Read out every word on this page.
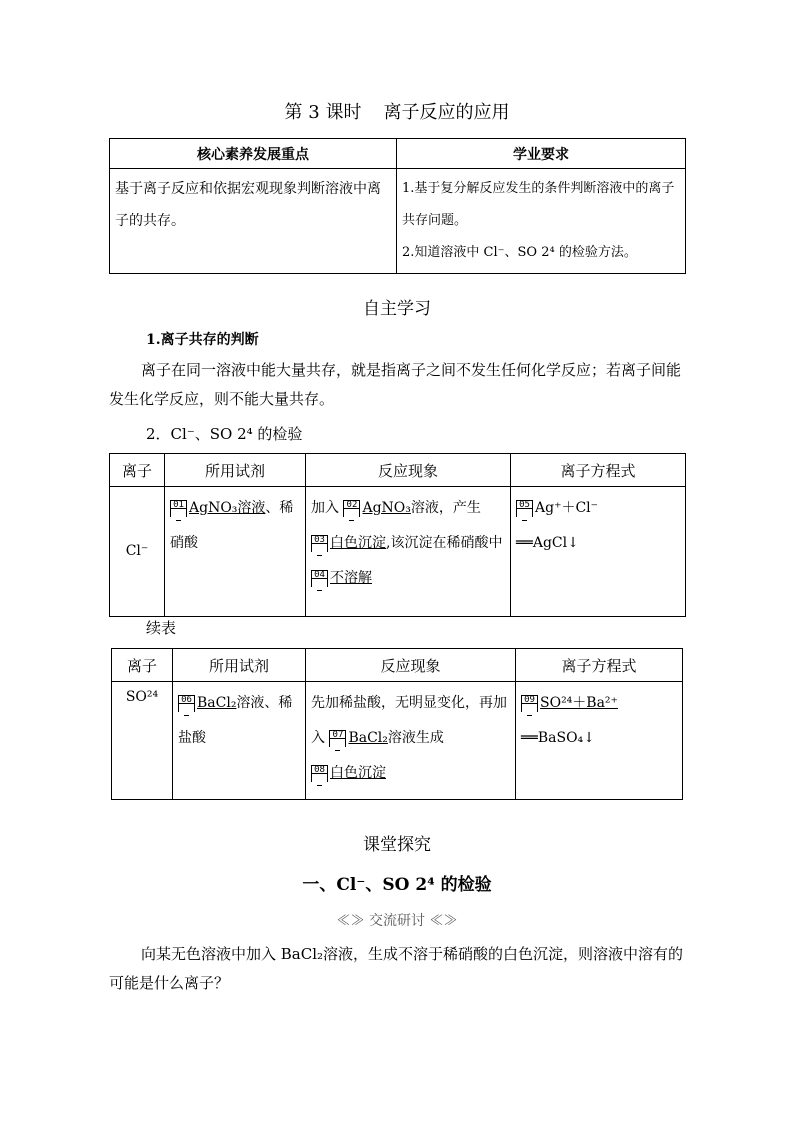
第 3 课时 离子反应的应用
核心素养发展重点	学业要求
基于离子反应和依据宏观现象判断溶液中离子的共存。	1.基于复分解反应发生的条件判断溶液中的离子共存问题。
2.知道溶液中 Cl⁻、SO 2⁴ 的检验方法。
自主学习
1.离子共存的判断
离子在同一溶液中能大量共存，就是指离子之间不发生任何化学反应；若离子间能发生化学反应，则不能大量共存。
2．Cl⁻、SO 2⁴ 的检验
离子	所用试剂	反应现象	离子方程式
Cl⁻	01 AgNO₃溶液、稀硝酸	加入 02 AgNO₃溶液，产生
03 白色沉淀,该沉淀在稀硝酸中 04 不溶解	05 Ag⁺＋Cl⁻
══AgCl↓
续表
离子	所用试剂	反应现象	离子方程式
SO²⁴	06 BaCl₂溶液、稀盐酸	先加稀盐酸，无明显变化，再加入 07 BaCl₂溶液生成
08 白色沉淀	09 SO²⁴＋Ba²⁺
══BaSO₄↓
课堂探究
一、Cl⁻、SO 2⁴ 的检验
≪≫ 交流研讨 ≪≫
向某无色溶液中加入 BaCl₂溶液，生成不溶于稀硝酸的白色沉淀，则溶液中溶有的可能是什么离子？
